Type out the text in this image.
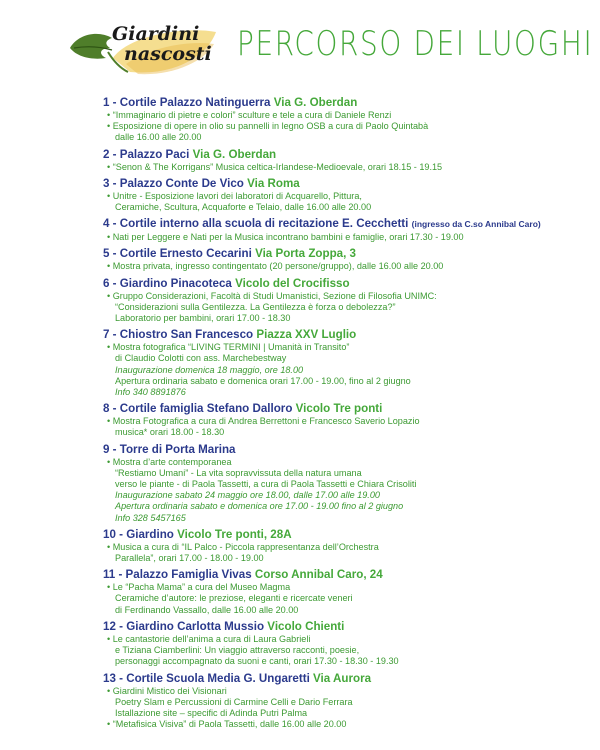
Giardini
nascosti PERCORSO DEI LUOGHI
1 - Cortile Palazzo Natinguerra Via G. Oberdan
• “Immaginario di pietre e colori” sculture e tele a cura di Daniele Renzi
• Esposizione di opere in olio su pannelli in legno OSB a cura di Paolo Quintabà
dalle 16.00 alle 20.00
2 - Palazzo Paci Via G. Oberdan
• “Senon & The Korrigans” Musica celtica-Irlandese-Medioevale, orari 18.15 - 19.15
3 - Palazzo Conte De Vico Via Roma
• Unitre - Esposizione lavori dei laboratori di Acquarello, Pittura,
Ceramiche, Scultura, Acquaforte e Telaio, dalle 16.00 alle 20.00
4 - Cortile interno alla scuola di recitazione E. Cecchetti (ingresso da C.so Annibal Caro)
• Nati per Leggere e Nati per la Musica incontrano bambini e famiglie, orari 17.30 - 19.00
5 - Cortile Ernesto Cecarini Via Porta Zoppa, 3
• Mostra privata, ingresso contingentato (20 persone/gruppo), dalle 16.00 alle 20.00
6 - Giardino Pinacoteca Vicolo del Crocifisso
• Gruppo Considerazioni, Facoltà di Studi Umanistici, Sezione di Filosofia UNIMC:
“Considerazioni sulla Gentilezza. La Gentilezza è forza o debolezza?”
Laboratorio per bambini, orari 17.00 - 18.30
7 - Chiostro San Francesco Piazza XXV Luglio
• Mostra fotografica “LIVING TERMINI | Umanità in Transito”
di Claudio Colotti con ass. Marchebestway
Inaugurazione domenica 18 maggio, ore 18.00
Apertura ordinaria sabato e domenica orari 17.00 - 19.00, fino al 2 giugno
Info 340 8891876
8 - Cortile famiglia Stefano Dalloro Vicolo Tre ponti
• Mostra Fotografica a cura di Andrea Berrettoni e Francesco Saverio Lopazio
musica* orari 18.00 - 18.30
9 - Torre di Porta Marina
• Mostra d’arte contemporanea
“Restiamo Umani” - La vita sopravvissuta della natura umana
verso le piante - di Paola Tassetti, a cura di Paola Tassetti e Chiara Crisoliti
Inaugurazione sabato 24 maggio ore 18.00, dalle 17.00 alle 19.00
Apertura ordinaria sabato e domenica ore 17.00 - 19.00 fino al 2 giugno
Info 328 5457165
10 - Giardino Vicolo Tre ponti, 28A
• Musica a cura di “IL Palco - Piccola rappresentanza dell’Orchestra
Parallela”, orari 17.00 - 18.00 - 19.00
11 - Palazzo Famiglia Vivas Corso Annibal Caro, 24
• Le “Pacha Mama” a cura del Museo Magma
Ceramiche d’autore: le preziose, eleganti e ricercate veneri
di Ferdinando Vassallo, dalle 16.00 alle 20.00
12 - Giardino Carlotta Mussio Vicolo Chienti
• Le cantastorie dell’anima a cura di Laura Gabrieli
e Tiziana Ciamberlini: Un viaggio attraverso racconti, poesie,
personaggi accompagnato da suoni e canti, orari 17.30 - 18.30 - 19.30
13 - Cortile Scuola Media G. Ungaretti Via Aurora
• Giardini Mistico dei Visionari
Poetry Slam e Percussioni di Carmine Celli e Dario Ferrara
Istallazione site – specific di Adinda Putri Palma
• “Metafisica Visiva” di Paola Tassetti, dalle 16.00 alle 20.00
